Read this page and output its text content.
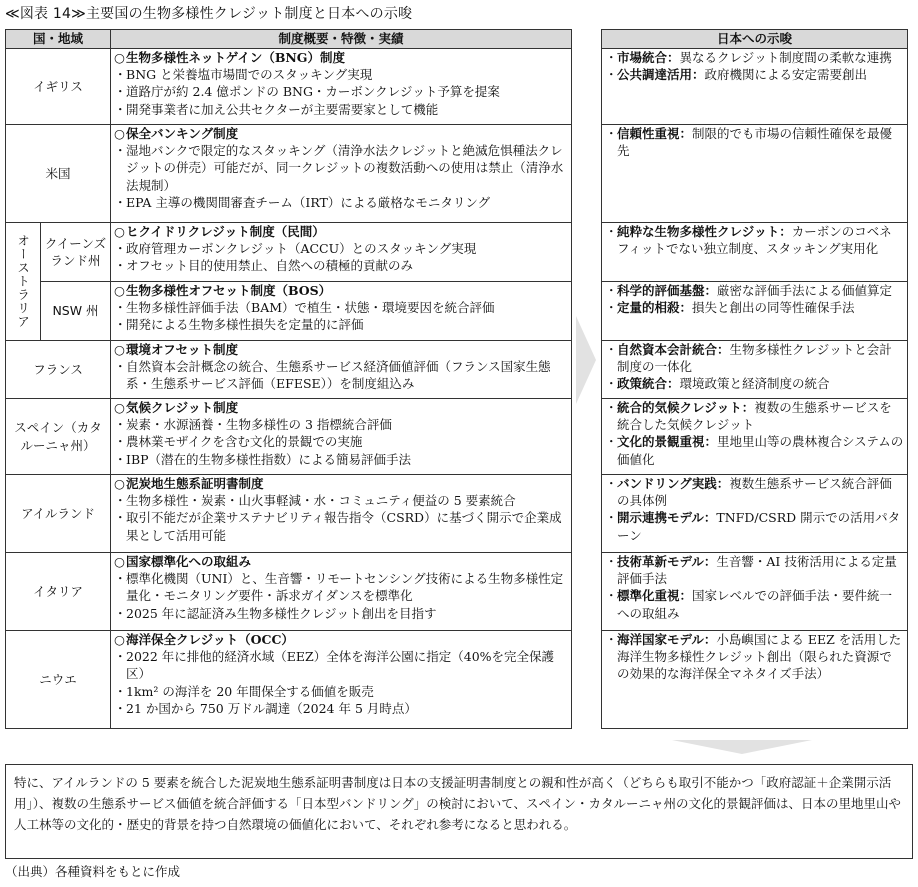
≪図表 14≫主要国の生物多様性クレジット制度と日本への示唆
国・地域		制度概要・特徴・実績
イギリス		○ 生物多様性ネットゲイン（BNG）制度
・ BNG と栄養塩市場間でのスタッキング実現
・ 道路庁が約 2.4 億ポンドの BNG・カーボンクレジット予算を提案
・ 開発事業者に加え公共セクターが主要需要家として機能

米国		○ 保全バンキング制度
・ 湿地バンクで限定的なスタッキング（清浄水法クレジットと絶滅危惧種法クレジットの併売）可能だが、同一クレジットの複数活動への使用は禁止（清浄水法規制）
・ EPA 主導の機関間審査チーム（IRT）による厳格なモニタリング

オーストラリア	クイーンズランド州	○ ヒクイドリクレジット制度（民間）
・ 政府管理カーボンクレジット（ACCU）とのスタッキング実現
・ オフセット目的使用禁止、自然への積極的貢献のみ

	NSW 州	○ 生物多様性オフセット制度（BOS）
・ 生物多様性評価手法（BAM）で植生・状態・環境要因を統合評価
・ 開発による生物多様性損失を定量的に評価

フランス		○ 環境オフセット制度
・ 自然資本会計概念の統合、生態系サービス経済価値評価（フランス国家生態系・生態系サービス評価（EFESE））を制度組込み

スペイン（カタルーニャ州）		○ 気候クレジット制度
・ 炭素・水源涵養・生物多様性の 3 指標統合評価
・ 農林業モザイクを含む文化的景観での実施
・ IBP（潜在的生物多様性指数）による簡易評価手法

アイルランド		○ 泥炭地生態系証明書制度
・ 生物多様性・炭素・山火事軽減・水・コミュニティ便益の 5 要素統合
・ 取引不能だが企業サステナビリティ報告指令（CSRD）に基づく開示で企業成果として活用可能

イタリア		○ 国家標準化への取組み
・ 標準化機関（UNI）と、生音響・リモートセンシング技術による生物多様性定量化・モニタリング要件・訴求ガイダンスを標準化
・ 2025 年に認証済み生物多様性クレジット創出を目指す

ニウエ		○ 海洋保全クレジット（OCC）
・ 2022 年に排他的経済水域（EEZ）全体を海洋公園に指定（40%を完全保護区）
・ 1km² の海洋を 20 年間保全する価値を販売
・ 21 か国から 750 万ドル調達（2024 年 5 月時点）
日本への示唆

・ 市場統合：異なるクレジット制度間の柔軟な連携
・ 公共調達活用：政府機関による安定需要創出

・ 信頼性重視：制限的でも市場の信頼性確保を最優先

・ 純粋な生物多様性クレジット：カーボンのコベネフィットでない独立制度、スタッキング実用化

・ 科学的評価基盤：厳密な評価手法による価値算定
・ 定量的相殺：損失と創出の同等性確保手法

・ 自然資本会計統合：生物多様性クレジットと会計制度の一体化
・ 政策統合：環境政策と経済制度の統合

・ 統合的気候クレジット：複数の生態系サービスを統合した気候クレジット
・ 文化的景観重視：里地里山等の農林複合システムの価値化

・ バンドリング実践：複数生態系サービス統合評価の具体例
・ 開示連携モデル：TNFD/CSRD 開示での活用パターン

・ 技術革新モデル：生音響・AI 技術活用による定量評価手法
・ 標準化重視：国家レベルでの評価手法・要件統一への取組み

・ 海洋国家モデル：小島嶼国による EEZ を活用した海洋生物多様性クレジット創出（限られた資源での効果的な海洋保全マネタイズ手法）
特に、アイルランドの 5 要素を統合した泥炭地生態系証明書制度は日本の支援証明書制度との親和性が高く（どちらも取引不能かつ「政府認証＋企業開示活用」）、複数の生態系サービス価値を統合評価する「日本型バンドリング」の検討において、スペイン・カタルーニャ州の文化的景観評価は、日本の里地里山や人工林等の文化的・歴史的背景を持つ自然環境の価値化において、それぞれ参考になると思われる。
（出典）各種資料をもとに作成
